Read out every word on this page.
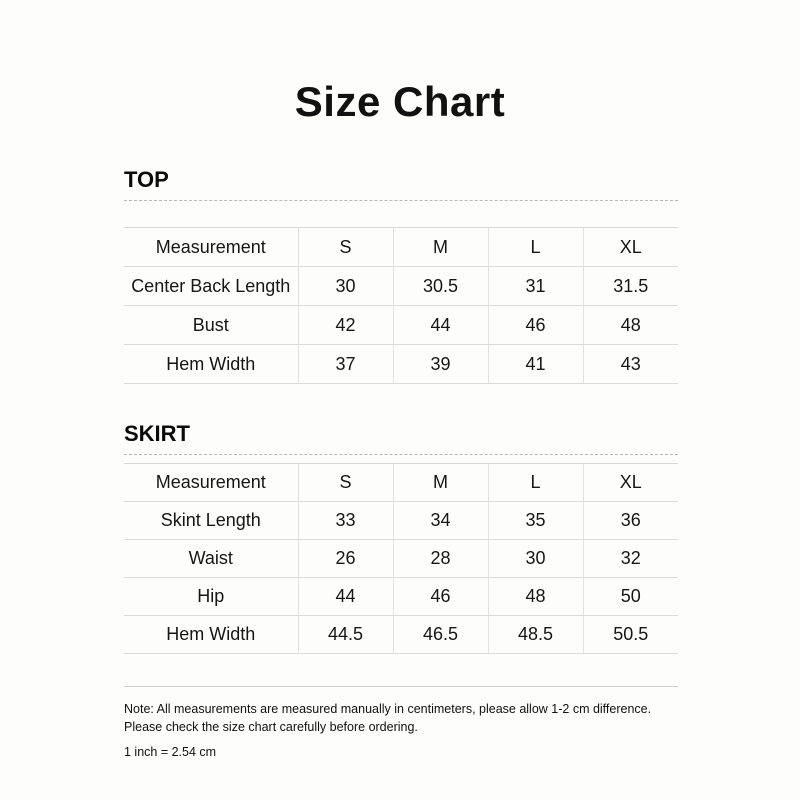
Size Chart
TOP
Measurement	S	M	L	XL
Center Back Length	30	30.5	31	31.5
Bust	42	44	46	48
Hem Width	37	39	41	43
SKIRT
Measurement	S	M	L	XL
Skint Length	33	34	35	36
Waist	26	28	30	32
Hip	44	46	48	50
Hem Width	44.5	46.5	48.5	50.5
Note: All measurements are measured manually in centimeters, please allow 1-2 cm difference.
Please check the size chart carefully before ordering.
1 inch = 2.54 cm
